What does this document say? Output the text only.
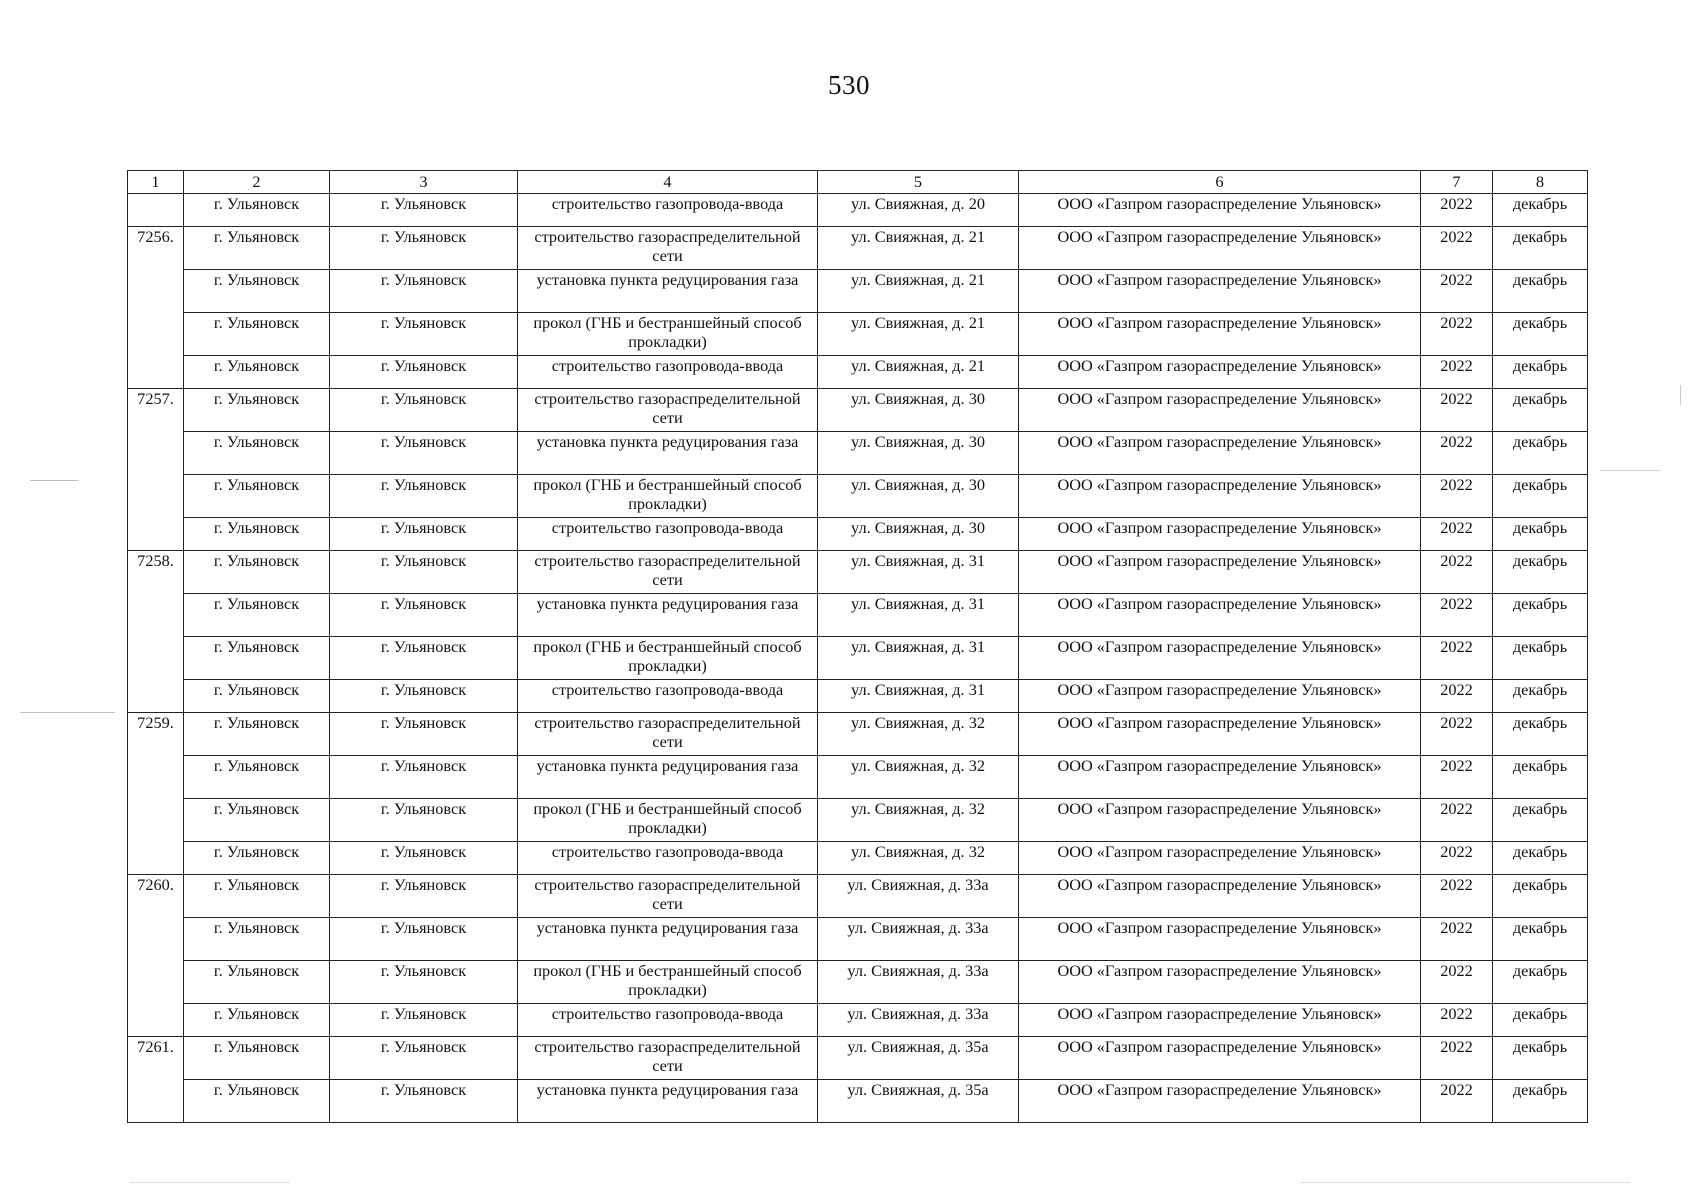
530
1	2	3	4	5	6	7	8
	г. Ульяновск	г. Ульяновск	строительство газопровода-ввода	ул. Свияжная, д. 20	ООО «Газпром газораспределение Ульяновск»	2022	декабрь
7256.	г. Ульяновск	г. Ульяновск	строительство газораспределительной сети	ул. Свияжная, д. 21	ООО «Газпром газораспределение Ульяновск»	2022	декабрь
	г. Ульяновск	г. Ульяновск	установка пункта редуцирования газа	ул. Свияжная, д. 21	ООО «Газпром газораспределение Ульяновск»	2022	декабрь
	г. Ульяновск	г. Ульяновск	прокол (ГНБ и бестраншейный способ прокладки)	ул. Свияжная, д. 21	ООО «Газпром газораспределение Ульяновск»	2022	декабрь
	г. Ульяновск	г. Ульяновск	строительство газопровода-ввода	ул. Свияжная, д. 21	ООО «Газпром газораспределение Ульяновск»	2022	декабрь
7257.	г. Ульяновск	г. Ульяновск	строительство газораспределительной сети	ул. Свияжная, д. 30	ООО «Газпром газораспределение Ульяновск»	2022	декабрь
	г. Ульяновск	г. Ульяновск	установка пункта редуцирования газа	ул. Свияжная, д. 30	ООО «Газпром газораспределение Ульяновск»	2022	декабрь
	г. Ульяновск	г. Ульяновск	прокол (ГНБ и бестраншейный способ прокладки)	ул. Свияжная, д. 30	ООО «Газпром газораспределение Ульяновск»	2022	декабрь
	г. Ульяновск	г. Ульяновск	строительство газопровода-ввода	ул. Свияжная, д. 30	ООО «Газпром газораспределение Ульяновск»	2022	декабрь
7258.	г. Ульяновск	г. Ульяновск	строительство газораспределительной сети	ул. Свияжная, д. 31	ООО «Газпром газораспределение Ульяновск»	2022	декабрь
	г. Ульяновск	г. Ульяновск	установка пункта редуцирования газа	ул. Свияжная, д. 31	ООО «Газпром газораспределение Ульяновск»	2022	декабрь
	г. Ульяновск	г. Ульяновск	прокол (ГНБ и бестраншейный способ прокладки)	ул. Свияжная, д. 31	ООО «Газпром газораспределение Ульяновск»	2022	декабрь
	г. Ульяновск	г. Ульяновск	строительство газопровода-ввода	ул. Свияжная, д. 31	ООО «Газпром газораспределение Ульяновск»	2022	декабрь
7259.	г. Ульяновск	г. Ульяновск	строительство газораспределительной сети	ул. Свияжная, д. 32	ООО «Газпром газораспределение Ульяновск»	2022	декабрь
	г. Ульяновск	г. Ульяновск	установка пункта редуцирования газа	ул. Свияжная, д. 32	ООО «Газпром газораспределение Ульяновск»	2022	декабрь
	г. Ульяновск	г. Ульяновск	прокол (ГНБ и бестраншейный способ прокладки)	ул. Свияжная, д. 32	ООО «Газпром газораспределение Ульяновск»	2022	декабрь
	г. Ульяновск	г. Ульяновск	строительство газопровода-ввода	ул. Свияжная, д. 32	ООО «Газпром газораспределение Ульяновск»	2022	декабрь
7260.	г. Ульяновск	г. Ульяновск	строительство газораспределительной сети	ул. Свияжная, д. 33а	ООО «Газпром газораспределение Ульяновск»	2022	декабрь
	г. Ульяновск	г. Ульяновск	установка пункта редуцирования газа	ул. Свияжная, д. 33а	ООО «Газпром газораспределение Ульяновск»	2022	декабрь
	г. Ульяновск	г. Ульяновск	прокол (ГНБ и бестраншейный способ прокладки)	ул. Свияжная, д. 33а	ООО «Газпром газораспределение Ульяновск»	2022	декабрь
	г. Ульяновск	г. Ульяновск	строительство газопровода-ввода	ул. Свияжная, д. 33а	ООО «Газпром газораспределение Ульяновск»	2022	декабрь
7261.	г. Ульяновск	г. Ульяновск	строительство газораспределительной сети	ул. Свияжная, д. 35а	ООО «Газпром газораспределение Ульяновск»	2022	декабрь
	г. Ульяновск	г. Ульяновск	установка пункта редуцирования газа	ул. Свияжная, д. 35а	ООО «Газпром газораспределение Ульяновск»	2022	декабрь
